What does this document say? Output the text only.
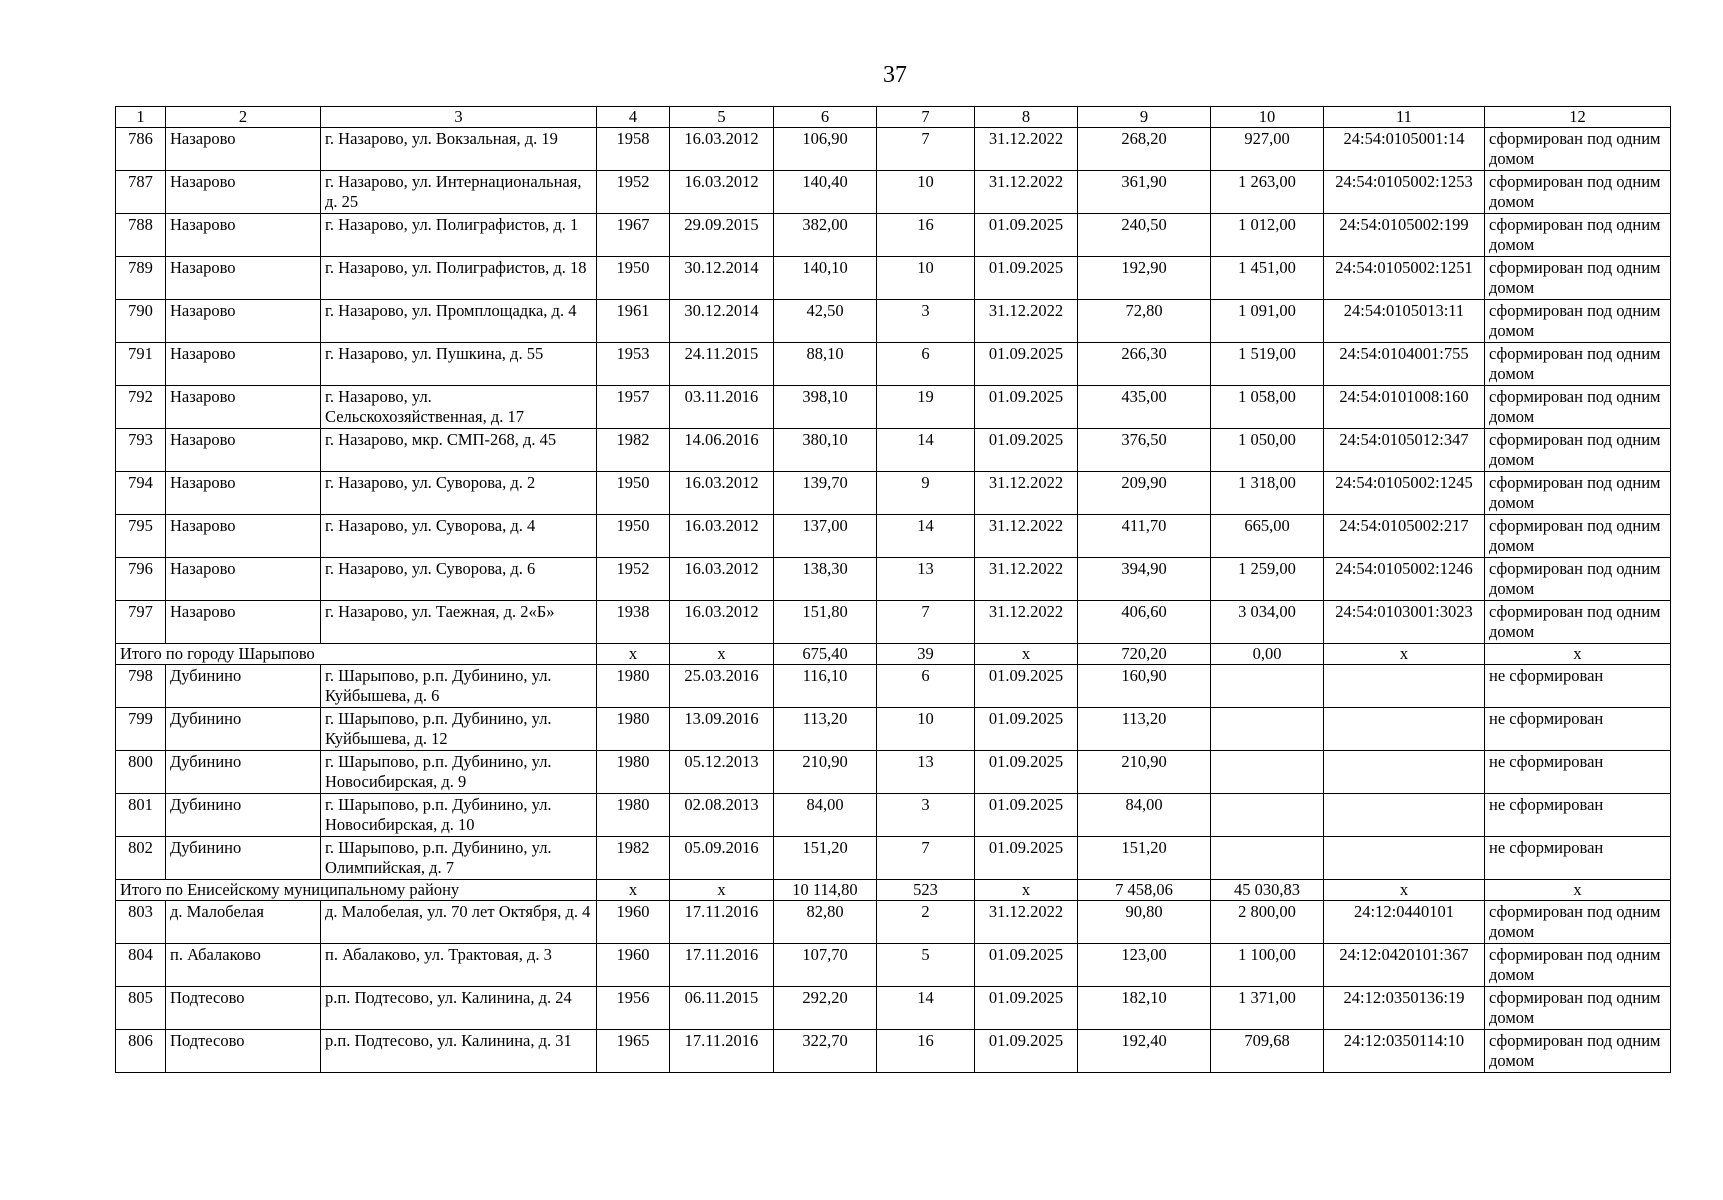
37
1	2	3	4	5	6	7	8	9	10	11	12
786	Назарово	г. Назарово, ул. Вокзальная, д. 19	1958	16.03.2012	106,90	7	31.12.2022	268,20	927,00	24:54:0105001:14	сформирован под одним домом
787	Назарово	г. Назарово, ул. Интернациональная, д. 25	1952	16.03.2012	140,40	10	31.12.2022	361,90	1 263,00	24:54:0105002:1253	сформирован под одним домом
788	Назарово	г. Назарово, ул. Полиграфистов, д. 1	1967	29.09.2015	382,00	16	01.09.2025	240,50	1 012,00	24:54:0105002:199	сформирован под одним домом
789	Назарово	г. Назарово, ул. Полиграфистов, д. 18	1950	30.12.2014	140,10	10	01.09.2025	192,90	1 451,00	24:54:0105002:1251	сформирован под одним домом
790	Назарово	г. Назарово, ул. Промплощадка, д. 4	1961	30.12.2014	42,50	3	31.12.2022	72,80	1 091,00	24:54:0105013:11	сформирован под одним домом
791	Назарово	г. Назарово, ул. Пушкина, д. 55	1953	24.11.2015	88,10	6	01.09.2025	266,30	1 519,00	24:54:0104001:755	сформирован под одним домом
792	Назарово	г. Назарово, ул. Сельскохозяйственная, д. 17	1957	03.11.2016	398,10	19	01.09.2025	435,00	1 058,00	24:54:0101008:160	сформирован под одним домом
793	Назарово	г. Назарово, мкр. СМП-268, д. 45	1982	14.06.2016	380,10	14	01.09.2025	376,50	1 050,00	24:54:0105012:347	сформирован под одним домом
794	Назарово	г. Назарово, ул. Суворова, д. 2	1950	16.03.2012	139,70	9	31.12.2022	209,90	1 318,00	24:54:0105002:1245	сформирован под одним домом
795	Назарово	г. Назарово, ул. Суворова, д. 4	1950	16.03.2012	137,00	14	31.12.2022	411,70	665,00	24:54:0105002:217	сформирован под одним домом
796	Назарово	г. Назарово, ул. Суворова, д. 6	1952	16.03.2012	138,30	13	31.12.2022	394,90	1 259,00	24:54:0105002:1246	сформирован под одним домом
797	Назарово	г. Назарово, ул. Таежная, д. 2«Б»	1938	16.03.2012	151,80	7	31.12.2022	406,60	3 034,00	24:54:0103001:3023	сформирован под одним домом
Итого по городу Шарыпово			х	х	675,40	39	х	720,20	0,00	х	х
798	Дубинино	г. Шарыпово, р.п. Дубинино, ул. Куйбышева, д. 6	1980	25.03.2016	116,10	6	01.09.2025	160,90			не сформирован
799	Дубинино	г. Шарыпово, р.п. Дубинино, ул. Куйбышева, д. 12	1980	13.09.2016	113,20	10	01.09.2025	113,20			не сформирован
800	Дубинино	г. Шарыпово, р.п. Дубинино, ул. Новосибирская, д. 9	1980	05.12.2013	210,90	13	01.09.2025	210,90			не сформирован
801	Дубинино	г. Шарыпово, р.п. Дубинино, ул. Новосибирская, д. 10	1980	02.08.2013	84,00	3	01.09.2025	84,00			не сформирован
802	Дубинино	г. Шарыпово, р.п. Дубинино, ул. Олимпийская, д. 7	1982	05.09.2016	151,20	7	01.09.2025	151,20			не сформирован
Итого по Енисейскому муниципальному району			х	х	10 114,80	523	х	7 458,06	45 030,83	х	х
803	д. Малобелая	д. Малобелая, ул. 70 лет Октября, д. 4	1960	17.11.2016	82,80	2	31.12.2022	90,80	2 800,00	24:12:0440101	сформирован под одним домом
804	п. Абалаково	п. Абалаково, ул. Трактовая, д. 3	1960	17.11.2016	107,70	5	01.09.2025	123,00	1 100,00	24:12:0420101:367	сформирован под одним домом
805	Подтесово	р.п. Подтесово, ул. Калинина, д. 24	1956	06.11.2015	292,20	14	01.09.2025	182,10	1 371,00	24:12:0350136:19	сформирован под одним домом
806	Подтесово	р.п. Подтесово, ул. Калинина, д. 31	1965	17.11.2016	322,70	16	01.09.2025	192,40	709,68	24:12:0350114:10	сформирован под одним домом
